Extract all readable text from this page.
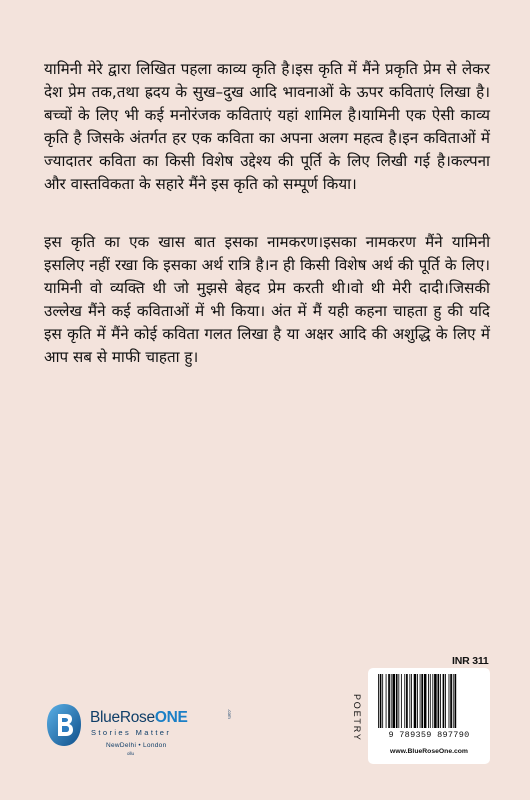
यामिनी मेरे द्वारा लिखित पहला काव्य कृति है।इस कृति में मैंने प्रकृति प्रेम से लेकर देश प्रेम तक,तथा ह्रदय के सुख–दुख आदि भावनाओं के ऊपर कविताएं लिखा है।बच्चों के लिए भी कई मनोरंजक कविताएं यहां शामिल है।यामिनी एक ऐसी काव्य कृति है जिसके अंतर्गत हर एक कविता का अपना अलग महत्व है।इन कविताओं में ज्यादातर कविता का किसी विशेष उद्देश्य की पूर्ति के लिए लिखी गई है।कल्पना और वास्तविकता के सहारे मैंने इस कृति को सम्पूर्ण किया।

इस कृति का एक खास बात इसका नामकरण।इसका नामकरण मैंने यामिनी इसलिए नहीं रखा कि इसका अर्थ रात्रि है।न ही किसी विशेष अर्थ की पूर्ति के लिए।यामिनी वो व्यक्ति थी जो मुझसे बेहद प्रेम करती थी।वो थी मेरी दादी।जिसकी उल्लेख मैंने कई कविताओं में भी किया। अंत में मैं यही कहना चाहता हु की यदि इस कृति में मैंने कोई कविता गलत लिखा है या अक्षर आदि की अशुद्धि के लिए में आप सब से माफी चाहता हु।

INR 311
POETRY	9 789359 897790
www.BlueRoseOne.com
BlueRoseONE	.com
Stories Matter
NewDelhi • London
ollu
